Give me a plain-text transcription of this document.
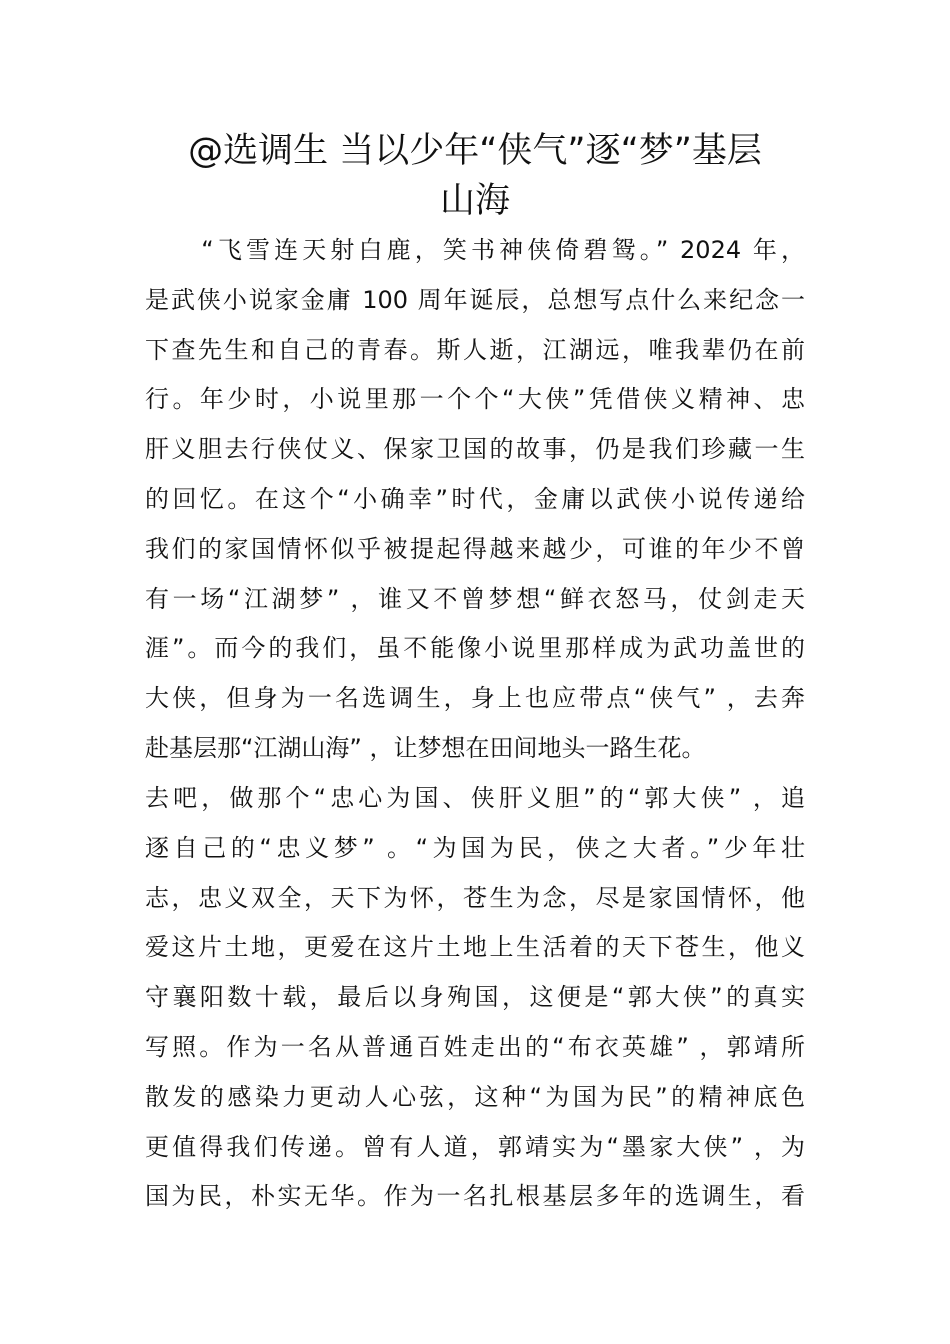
@选调生 当以少年“侠气”逐“梦”基层
山海
　　“飞雪连天射白鹿，笑书神侠倚碧鸳。” 2024 年，
是武侠小说家金庸 100 周年诞辰，总想写点什么来纪念一
下查先生和自己的青春。斯人逝，江湖远，唯我辈仍在前
行。年少时，小说里那一个个“大侠”凭借侠义精神、忠
肝义胆去行侠仗义、保家卫国的故事，仍是我们珍藏一生
的回忆。在这个“小确幸”时代，金庸以武侠小说传递给
我们的家国情怀似乎被提起得越来越少，可谁的年少不曾
有一场“江湖梦” ，谁又不曾梦想“鲜衣怒马，仗剑走天
涯”。而今的我们，虽不能像小说里那样成为武功盖世的
大侠，但身为一名选调生，身上也应带点“侠气” ，去奔
赴基层那“江湖山海” ，让梦想在田间地头一路生花。
去吧，做那个“忠心为国、侠肝义胆”的“郭大侠” ，追
逐自己的“忠义梦” 。“为国为民，侠之大者。”少年壮
志，忠义双全，天下为怀，苍生为念，尽是家国情怀，他
爱这片土地，更爱在这片土地上生活着的天下苍生，他义
守襄阳数十载，最后以身殉国，这便是“郭大侠”的真实
写照。作为一名从普通百姓走出的“布衣英雄” ，郭靖所
散发的感染力更动人心弦，这种“为国为民”的精神底色
更值得我们传递。曾有人道，郭靖实为“墨家大侠” ，为
国为民，朴实无华。作为一名扎根基层多年的选调生，看
